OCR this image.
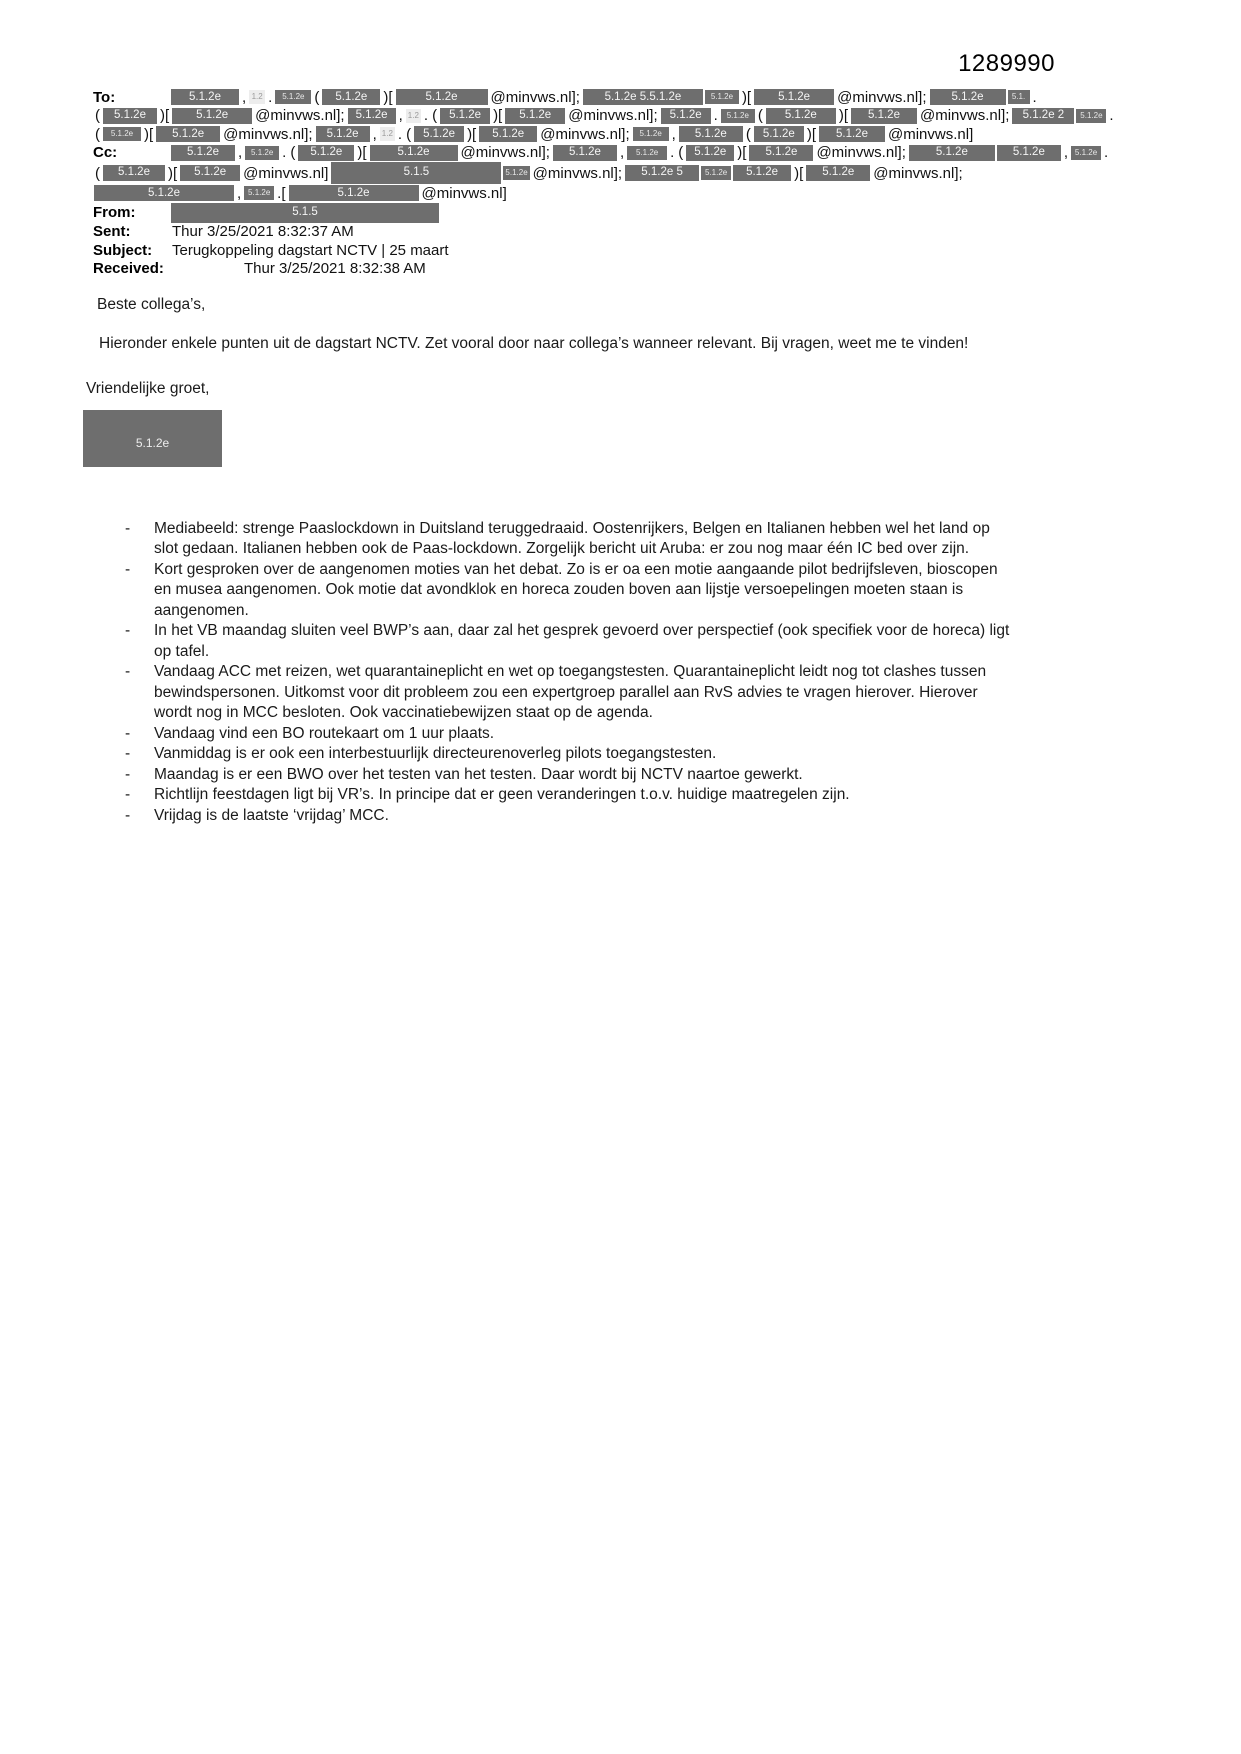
1289990
To:	5.1.2e	, 1.2 .	5.1.2e (	5.1.2e	)[	5.1.2e	@minvws.nl];	5.1.2e 5.5.1.2e	5.1.2e )[	5.1.2e	@minvws.nl];	5.1.2e	5.1. .
(	5.1.2e )[	5.1.2e	@minvws.nl]; 5.1.2e , 1.2 . (	5.1.2e )[	5.1.2e	@minvws.nl];	5.1.2e .	5.1.2e (	5.1.2e	)[	5.1.2e	@minvws.nl];	5.1.2e 2	5.1.2e .
(	5.1.2e )[	5.1.2e	@minvws.nl];	5.1.2e , 1.2 . (	5.1.2e )[	5.1.2e	@minvws.nl];	5.1.2e ,	5.1.2e	(	5.1.2e )[	5.1.2e	@minvws.nl]
Cc:	5.1.2e	,	5.1.2e . (	5.1.2e	)[	5.1.2e	@minvws.nl];	5.1.2e	,	5.1.2e . ( 5.1.2e )[	5.1.2e	@minvws.nl];	5.1.2e	5.1.2e	, 5.1.2e .
(	5.1.2e	)[	5.1.2e	@minvws.nl]	5.1.5	5.1.2e @minvws.nl];	5.1.2e 5	5.1.2e	5.1.2e	)[	5.1.2e	@minvws.nl];
5.1.2e	, 5.1.2e .[	5.1.2e	@minvws.nl]
From:	5.1.5
Sent:	Thur 3/25/2021 8:32:37 AM
Subject:	Terugkoppeling dagstart NCTV | 25 maart
Received:	Thur 3/25/2021 8:32:38 AM

Beste collega’s,

Hieronder enkele punten uit de dagstart NCTV. Zet vooral door naar collega’s wanneer relevant. Bij vragen, weet me te vinden!

Vriendelijke groet,

5.1.2e
-	Mediabeeld: strenge Paaslockdown in Duitsland teruggedraaid. Oostenrijkers, Belgen en Italianen hebben wel het land op slot gedaan. Italianen hebben ook de Paas-lockdown. Zorgelijk bericht uit Aruba: er zou nog maar één IC bed over zijn.
-	Kort gesproken over de aangenomen moties van het debat. Zo is er oa een motie aangaande pilot bedrijfsleven, bioscopen en musea aangenomen. Ook motie dat avondklok en horeca zouden boven aan lijstje versoepelingen moeten staan is aangenomen.
-	In het VB maandag sluiten veel BWP’s aan, daar zal het gesprek gevoerd over perspectief (ook specifiek voor de horeca) ligt op tafel.
-	Vandaag ACC met reizen, wet quarantaineplicht en wet op toegangstesten. Quarantaineplicht leidt nog tot clashes tussen bewindspersonen. Uitkomst voor dit probleem zou een expertgroep parallel aan RvS advies te vragen hierover. Hierover wordt nog in MCC besloten. Ook vaccinatiebewijzen staat op de agenda.
-	Vandaag vind een BO routekaart om 1 uur plaats.
-	Vanmiddag is er ook een interbestuurlijk directeurenoverleg pilots toegangstesten.
-	Maandag is er een BWO over het testen van het testen. Daar wordt bij NCTV naartoe gewerkt.
-	Richtlijn feestdagen ligt bij VR’s. In principe dat er geen veranderingen t.o.v. huidige maatregelen zijn.
-	Vrijdag is de laatste ‘vrijdag’ MCC.
